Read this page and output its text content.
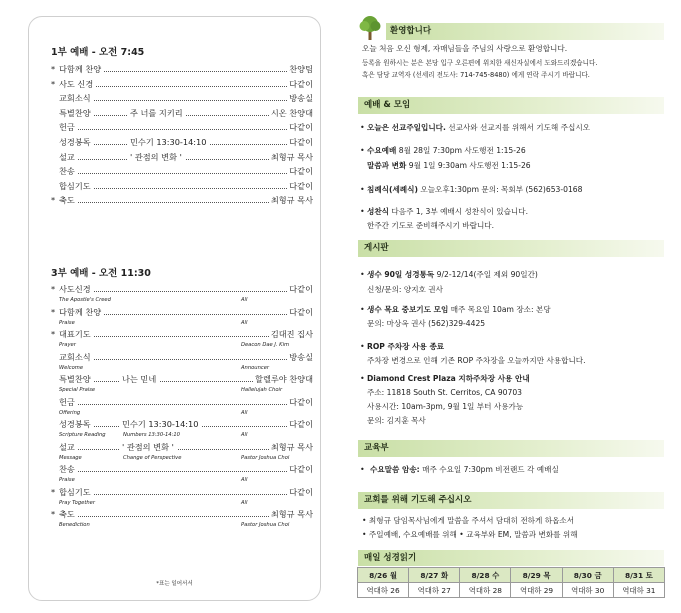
1부 예배 - 오전 7:45
* 다함께 찬양	찬양팀
* 사도 신경	다같이
교회소식	방송실
특별찬양	주 너를 지키리	시온 찬양대
헌금	다같이
성경봉독	민수기 13:30-14:10	다같이
설교	' 관점의 변화 '	최형규 목사
찬송	다같이
합심기도	다같이
* 축도	최형규 목사
3부 예배 - 오전 11:30
* 사도신경	다같이
The Apostle's Creed	All
* 다함께 찬양	다같이
Praise	All
* 대표기도	김대진 집사
Prayer	Deacon Dae J. Kim
교회소식	방송실
Welcome	Announcer
특별찬양	나는 믿네	할렐루야 찬양대
Special Praise	Hallelujah Choir
헌금	다같이
Offering	All
성경봉독	민수기 13:30-14:10	다같이
Scripture Reading	Numbers 13:30-14:10	All
설교	' 관점의 변화 '	최형규 목사
Message	Change of Perspective	Pastor Joshua Choi
찬송	다같이
Praise	All
* 합심기도	다같이
Pray Together	All
* 축도	최형규 목사
Benediction	Pastor Joshua Choi
*표는 일어서서
환영합니다
오늘 처음 오신 형제, 자매님들을 주님의 사랑으로 환영합니다.
등록을 원하시는 분은 본당 입구 오른편에 위치한 새신자실에서 도와드리겠습니다.
혹은 담당 교역자 (선세리 전도사: 714-745-8480) 에게 연락 주시기 바랍니다.
예배 & 모임
• 오늘은 선교주일입니다. 선교사와 선교지를 위해서 기도해 주십시오
• 수요예배 8월 28일 7:30pm 사도행전 1:15-26
말씀과 변화 9월 1일 9:30am 사도행전 1:15-26
• 침례식(세례식) 오늘오후1:30pm 문의: 목회부 (562)653-0168
• 성찬식 다음주 1, 3부 예배시 성찬식이 있습니다.
한주간 기도로 준비해주시기 바랍니다.
게시판
• 생수 90일 성경통독 9/2-12/14(주일 제외 90일간)
신청/문의: 양지호 권사
• 생수 목요 중보기도 모임 매주 목요일 10am 장소: 본당
문의: 마상옥 권사 (562)329-4425
• ROP 주차장 사용 종료
주차장 변경으로 인해 기존 ROP 주차장을 오늘까지만 사용합니다.
• Diamond Crest Plaza 지하주차장 사용 안내
주소: 11818 South St. Cerritos, CA 90703
사용시간: 10am-3pm, 9월 1일 부터 사용가능
문의: 김지훈 목사
교육부
• 수요말씀 암송: 매주 수요일 7:30pm 비전랜드 각 예배실
교회를 위해 기도해 주십시오
• 최형규 담임목사님에게 말씀을 주셔서 담대히 전하게 하옵소서
• 주일예배, 수요예배를 위해 • 교육부와 EM, 말씀과 변화를 위해
매일 성경읽기
8/26 월	8/27 화	8/28 수	8/29 목	8/30 금	8/31 토
역대하 26	역대하 27	역대하 28	역대하 29	역대하 30	역대하 31
